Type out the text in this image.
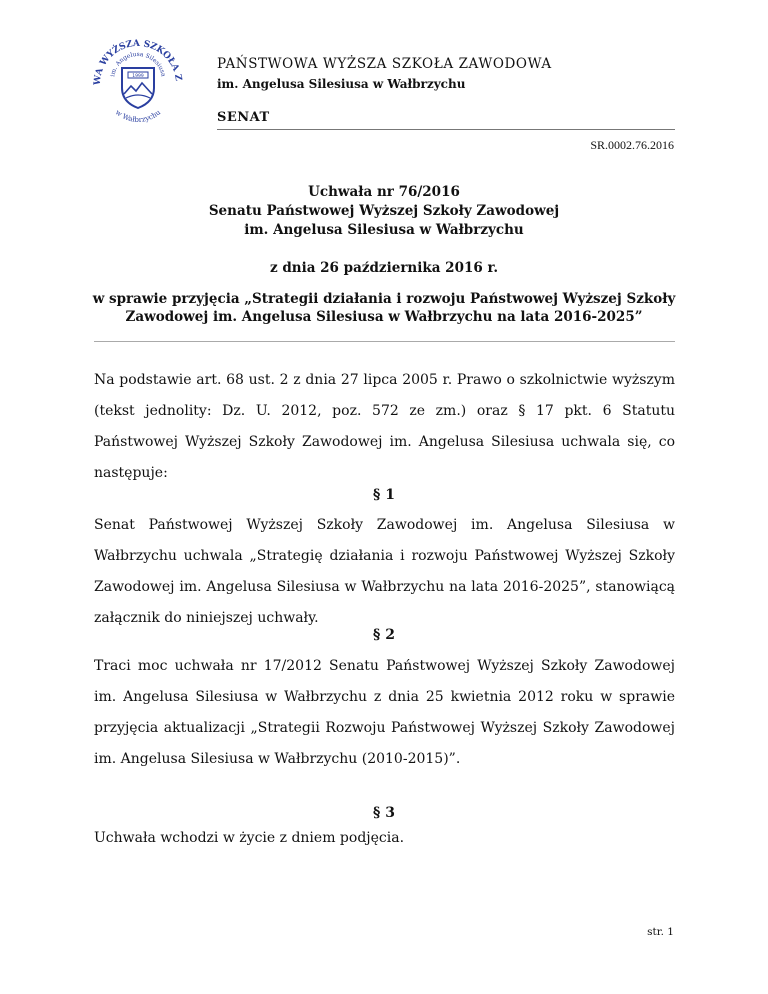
WA WYŻSZA SZKOŁA Z
im. Angelusa Silesiusa
w Wałbrzychu
1999
PAŃSTWOWA WYŻSZA SZKOŁA ZAWODOWA
im. Angelusa Silesiusa w Wałbrzychu
SENAT
SR.0002.76.2016
Uchwała nr 76/2016
Senatu Państwowej Wyższej Szkoły Zawodowej
im. Angelusa Silesiusa w Wałbrzychu
z dnia 26 października 2016 r.
w sprawie przyjęcia „Strategii działania i rozwoju Państwowej Wyższej Szkoły
Zawodowej im. Angelusa Silesiusa w Wałbrzychu na lata 2016-2025”

Na podstawie art. 68 ust. 2 z dnia 27 lipca 2005 r. Prawo o szkolnictwie wyższym (tekst jednolity: Dz. U. 2012, poz. 572 ze zm.) oraz § 17 pkt. 6 Statutu Państwowej Wyższej Szkoły Zawodowej im. Angelusa Silesiusa uchwala się, co następuje:

§ 1

Senat Państwowej Wyższej Szkoły Zawodowej im. Angelusa Silesiusa w Wałbrzychu uchwala „Strategię działania i rozwoju Państwowej Wyższej Szkoły Zawodowej im. Angelusa Silesiusa w Wałbrzychu na lata 2016-2025”, stanowiącą załącznik do niniejszej uchwały.

§ 2

Traci moc uchwała nr 17/2012 Senatu Państwowej Wyższej Szkoły Zawodowej im. Angelusa Silesiusa w Wałbrzychu z dnia 25 kwietnia 2012 roku w sprawie przyjęcia aktualizacji „Strategii Rozwoju Państwowej Wyższej Szkoły Zawodowej im. Angelusa Silesiusa w Wałbrzychu (2010-2015)”.

§ 3

Uchwała wchodzi w życie z dniem podjęcia.

str. 1
